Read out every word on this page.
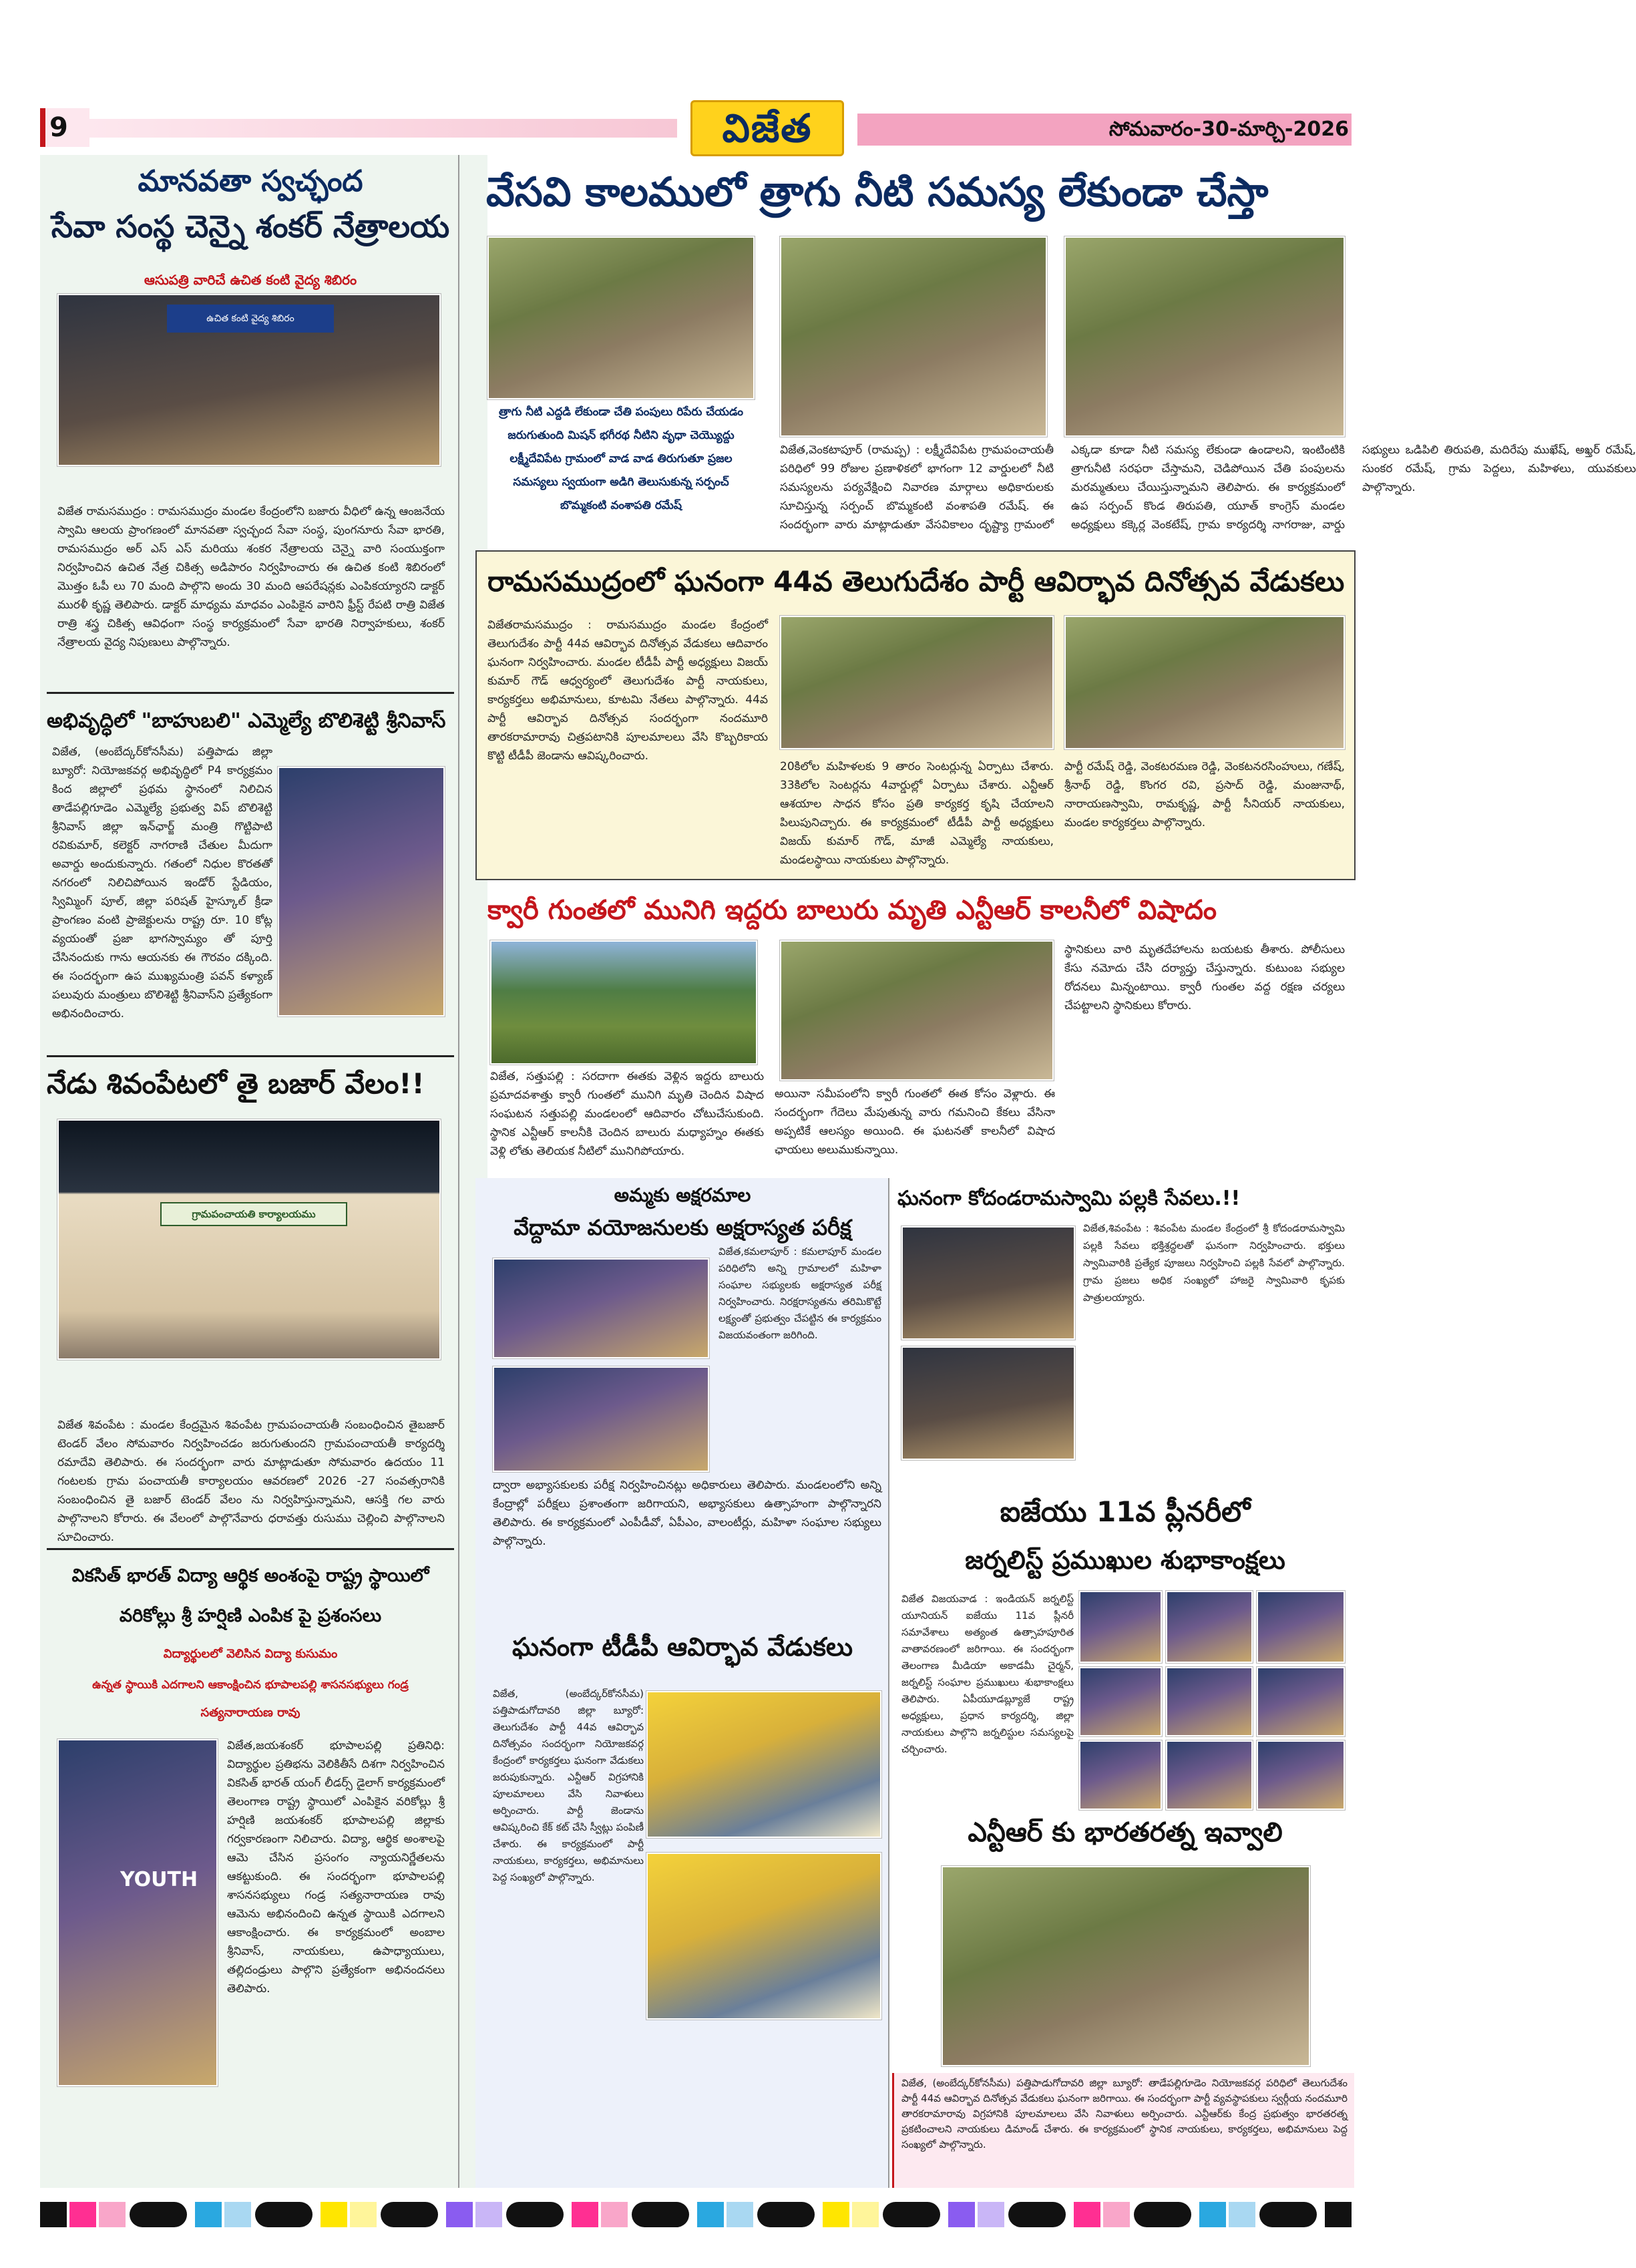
9	విజేత	సోమవారం-30-మార్చి-2026
మానవతా స్వచ్ఛంద
సేవా సంస్థ చెన్నై శంకర్ నేత్రాలయ
ఆసుపత్రి వారిచే ఉచిత కంటి వైద్య శిబిరం
ఉచిత కంటి వైద్య శిబిరం
విజేత రామసముద్రం : రామసముద్రం మండల కేంద్రంలోని బజారు వీధిలో ఉన్న ఆంజనేయ స్వామి ఆలయ ప్రాంగణంలో మానవతా స్వచ్ఛంద సేవా సంస్థ, పుంగనూరు సేవా భారతి, రామసముద్రం అర్ ఎస్ ఎస్ మరియు శంకర నేత్రాలయ చెన్నై వారి సంయుక్తంగా నిర్వహించిన ఉచిత నేత్ర చికిత్స అడిపారం నిర్వహించారు ఈ ఉచిత కంటి శిబిరంలో మొత్తం ఓపీ లు 70 మంది పాల్గొని అందు 30 మంది ఆపరేషన్లకు ఎంపికయ్యారని డాక్టర్ మురళీ కృష్ణ తెలిపారు. డాక్టర్ మాధ్యమ మాధవం ఎంపికైన వారిని ఫ్రీస్ట్ రేపటి రాత్రి విజేత రాత్రి శస్త్ర చికిత్స ఆవిధంగా సంస్థ కార్యక్రమంలో సేవా భారతి నిర్వాహకులు, శంకర్ నేత్రాలయ వైద్య నిపుణులు పాల్గొన్నారు.
అభివృద్ధిలో "బాహుబలి" ఎమ్మెల్యే బొలిశెట్టి శ్రీనివాస్
విజేత, (అంబేద్కర్‌కోనసీమ) పత్తిపాడు జిల్లా బ్యూరో: నియోజకవర్గ అభివృద్ధిలో P4 కార్యక్రమం కింద జిల్లాలో ప్రథమ స్థానంలో నిలిచిన తాడేపల్లిగూడెం ఎమ్మెల్యే ప్రభుత్వ విప్ బొలిశెట్టి శ్రీనివాస్ జిల్లా ఇన్‌ఛార్జ్ మంత్రి గొట్టిపాటి రవికుమార్, కలెక్టర్ నాగరాణి చేతుల మీదుగా అవార్డు అందుకున్నారు. గతంలో నిధుల కొరతతో నగరంలో నిలిచిపోయిన ఇండోర్ స్టేడియం, స్విమ్మింగ్ పూల్, జిల్లా పరిషత్ హైస్కూల్ క్రీడా ప్రాంగణం వంటి ప్రాజెక్టులను రాష్ట్ర రూ. 10 కోట్ల వ్యయంతో ప్రజా భాగస్వామ్యం తో పూర్తి చేసినందుకు గాను ఆయనకు ఈ గౌరవం దక్కింది. ఈ సందర్భంగా ఉప ముఖ్యమంత్రి పవన్ కళ్యాణ్ పలువురు మంత్రులు బొలిశెట్టి శ్రీనివాస్‌ని ప్రత్యేకంగా అభినందించారు.
నేడు శివంపేటలో తై బజార్ వేలం!!
గ్రామపంచాయతి కార్యాలయము
విజేత శివంపేట : మండల కేంద్రమైన శివంపేట గ్రామపంచాయతీ సంబంధించిన తైబజార్ టెండర్ వేలం సోమవారం నిర్వహించడం జరుగుతుందని గ్రామపంచాయతీ కార్యదర్శి రమాదేవి తెలిపారు. ఈ సందర్భంగా వారు మాట్లాడుతూ సోమవారం ఉదయం 11 గంటలకు గ్రామ పంచాయతీ కార్యాలయం ఆవరణలో 2026 -27 సంవత్సరానికి సంబంధించిన తై బజార్ టెండర్ వేలం ను నిర్వహిస్తున్నామని, ఆసక్తి గల వారు పాల్గొనాలని కోరారు. ఈ వేలంలో పాల్గొనేవారు ధరావత్తు రుసుము చెల్లించి పాల్గొనాలని సూచించారు.
వికసిత్ భారత్ విద్యా ఆర్థిక అంశంపై రాష్ట్ర స్థాయిలో
వరికోల్లు శ్రీ హర్షిణి ఎంపిక పై ప్రశంసలు
విద్యార్థులలో వెలిసిన విద్యా కుసుమం
ఉన్నత స్థాయికి ఎదగాలని ఆకాంక్షించిన భూపాలపల్లి శాసనసభ్యులు గండ్ర
సత్యనారాయణ రావు
YOUTH
విజేత,జయశంకర్ భూపాలపల్లి ప్రతినిధి: విద్యార్థుల ప్రతిభను వెలికితీసే దిశగా నిర్వహించిన వికసిత్ భారత్ యంగ్ లీడర్స్ డైలాగ్ కార్యక్రమంలో తెలంగాణ రాష్ట్ర స్థాయిలో ఎంపికైన వరికోల్లు శ్రీ హర్షిణి జయశంకర్ భూపాలపల్లి జిల్లాకు గర్వకారణంగా నిలిచారు. విద్యా, ఆర్థిక అంశాలపై ఆమె చేసిన ప్రసంగం న్యాయనిర్ణేతలను ఆకట్టుకుంది. ఈ సందర్భంగా భూపాలపల్లి శాసనసభ్యులు గండ్ర సత్యనారాయణ రావు ఆమెను అభినందించి ఉన్నత స్థాయికి ఎదగాలని ఆకాంక్షించారు. ఈ కార్యక్రమంలో అంబాల శ్రీనివాస్, నాయకులు, ఉపాధ్యాయులు, తల్లిదండ్రులు పాల్గొని ప్రత్యేకంగా అభినందనలు తెలిపారు.
వేసవి కాలములో త్రాగు నీటి సమస్య లేకుండా చేస్తా
త్రాగు నీటి ఎద్దడి లేకుండా చేతి పంపులు రిపేరు చేయడం జరుగుతుంది మిషన్ భగీరథ నీటిని వృధా చెయ్యొద్దు లక్ష్మీదేవిపేట గ్రామంలో వాడ వాడ తిరుగుతూ ప్రజల సమస్యలు స్వయంగా అడిగి తెలుసుకున్న సర్పంచ్ బొమ్మకంటి వంశాపతి రమేష్
విజేత,వెంకటాపూర్ (రామప్ప) : లక్ష్మీదేవిపేట గ్రామపంచాయతీ పరిధిలో 99 రోజుల ప్రణాళికలో భాగంగా 12 వార్డులలో నీటి సమస్యలను పర్యవేక్షించి నివారణ మార్గాలు అధికారులకు సూచిస్తున్న సర్పంచ్ బొమ్మకంటి వంశాపతి రమేష్. ఈ సందర్భంగా వారు మాట్లాడుతూ వేసవికాలం దృష్ట్యా గ్రామంలో ఎక్కడా కూడా నీటి సమస్య లేకుండా ఉండాలని, ఇంటింటికి త్రాగునీటి సరఫరా చేస్తామని, చెడిపోయిన చేతి పంపులను మరమ్మతులు చేయిస్తున్నామని తెలిపారు. ఈ కార్యక్రమంలో ఉప సర్పంచ్ కొండ తిరుపతి, యూత్ కాంగ్రెస్ మండల అధ్యక్షులు కక్కెర్ల వెంకటేష్, గ్రామ కార్యదర్శి నాగరాజు, వార్డు సభ్యులు ఒడిపిలి తిరుపతి, మదిరేపు ముఖేష్, అఖ్తర్ రమేష్, సుంకర రమేష్, గ్రామ పెద్దలు, మహిళలు, యువకులు పాల్గొన్నారు.
రామసముద్రంలో ఘనంగా 44వ తెలుగుదేశం పార్టీ ఆవిర్భావ దినోత్సవ వేడుకలు
విజేతరామసముద్రం : రామసముద్రం మండల కేంద్రంలో తెలుగుదేశం పార్టీ 44వ ఆవిర్భావ దినోత్సవ వేడుకలు ఆదివారం ఘనంగా నిర్వహించారు. మండల టీడీపీ పార్టీ అధ్యక్షులు విజయ్ కుమార్ గౌడ్ ఆధ్వర్యంలో తెలుగుదేశం పార్టీ నాయకులు, కార్యకర్తలు అభిమానులు, కూటమి నేతలు పాల్గొన్నారు. 44వ పార్టీ ఆవిర్భావ దినోత్సవ సందర్భంగా నందమూరి తారకరామారావు చిత్రపటానికి పూలమాలలు వేసి కొబ్బరికాయ కొట్టి టీడీపీ జెండాను ఆవిష్కరించారు.
20కిలోల మహిళలకు 9 తారం సెంటర్లున్న ఏర్పాటు చేశారు. 33కిలోల సెంటర్లను 4వార్డుల్లో ఏర్పాటు చేశారు. ఎన్టీఆర్ ఆశయాల సాధన కోసం ప్రతి కార్యకర్త కృషి చేయాలని పిలుపునిచ్చారు. ఈ కార్యక్రమంలో టీడీపీ పార్టీ అధ్యక్షులు విజయ్ కుమార్ గౌడ్, మాజీ ఎమ్మెల్యే నాయకులు, మండలస్థాయి నాయకులు పాల్గొన్నారు.
పార్టీ రమేష్ రెడ్డి, వెంకటరమణ రెడ్డి, వెంకటనరసింహులు, గణేష్, శ్రీనాథ్ రెడ్డి, కొంగర రవి, ప్రసాద్ రెడ్డి, మంజునాథ్, నారాయణస్వామి, రామకృష్ణ, పార్టీ సీనియర్ నాయకులు, మండల కార్యకర్తలు పాల్గొన్నారు.
క్వారీ గుంతలో మునిగి ఇద్దరు బాలురు మృతి ఎన్టీఆర్ కాలనీలో విషాదం
విజేత, సత్తుపల్లి : సరదాగా ఈతకు వెళ్లిన ఇద్దరు బాలురు ప్రమాదవశాత్తు క్వారీ గుంతలో మునిగి మృతి చెందిన విషాద సంఘటన సత్తుపల్లి మండలంలో ఆదివారం చోటుచేసుకుంది. స్థానిక ఎన్టీఆర్ కాలనీకి చెందిన బాలురు మధ్యాహ్నం ఈతకు వెళ్లి లోతు తెలియక నీటిలో మునిగిపోయారు.
అయినా సమీపంలోని క్వారీ గుంతలో ఈత కోసం వెళ్లారు. ఈ సందర్భంగా గేదెలు మేపుతున్న వారు గమనించి కేకలు వేసినా అప్పటికే ఆలస్యం అయింది. ఈ ఘటనతో కాలనీలో విషాద ఛాయలు అలుముకున్నాయి.
స్థానికులు వారి మృతదేహాలను బయటకు తీశారు. పోలీసులు కేసు నమోదు చేసి దర్యాప్తు చేస్తున్నారు. కుటుంబ సభ్యుల రోదనలు మిన్నంటాయి. క్వారీ గుంతల వద్ద రక్షణ చర్యలు చేపట్టాలని స్థానికులు కోరారు.
అమ్మకు అక్షరమాల
వేద్దామా వయోజనులకు అక్షరాస్యత పరీక్ష
విజేత,కమలాపూర్ : కమలాపూర్ మండల పరిధిలోని అన్ని గ్రామాలలో మహిళా సంఘాల సభ్యులకు అక్షరాస్యత పరీక్ష నిర్వహించారు. నిరక్షరాస్యతను తరిమికొట్టే లక్ష్యంతో ప్రభుత్వం చేపట్టిన ఈ కార్యక్రమం విజయవంతంగా జరిగింది.
ద్వారా అభ్యాసకులకు పరీక్ష నిర్వహించినట్లు అధికారులు తెలిపారు. మండలంలోని అన్ని కేంద్రాల్లో పరీక్షలు ప్రశాంతంగా జరిగాయని, అభ్యాసకులు ఉత్సాహంగా పాల్గొన్నారని తెలిపారు. ఈ కార్యక్రమంలో ఎంపీడీవో, ఏపీఎం, వాలంటీర్లు, మహిళా సంఘాల సభ్యులు పాల్గొన్నారు.
ఘనంగా టీడీపీ ఆవిర్భావ వేడుకలు
విజేత, (అంబేద్కర్‌కోనసీమ) పత్తిపాడుగోదావరి జిల్లా బ్యూరో: తెలుగుదేశం పార్టీ 44వ ఆవిర్భావ దినోత్సవం సందర్భంగా నియోజకవర్గ కేంద్రంలో కార్యకర్తలు ఘనంగా వేడుకలు జరుపుకున్నారు. ఎన్టీఆర్ విగ్రహానికి పూలమాలలు వేసి నివాళులు అర్పించారు. పార్టీ జెండాను ఆవిష్కరించి కేక్ కట్ చేసి స్వీట్లు పంపిణీ చేశారు. ఈ కార్యక్రమంలో పార్టీ నాయకులు, కార్యకర్తలు, అభిమానులు పెద్ద సంఖ్యలో పాల్గొన్నారు.
ఘనంగా కోదండరామస్వామి పల్లకి సేవలు.!!
విజేత,శివంపేట : శివంపేట మండల కేంద్రంలో శ్రీ కోదండరామస్వామి పల్లకి సేవలు భక్తిశ్రద్ధలతో ఘనంగా నిర్వహించారు. భక్తులు స్వామివారికి ప్రత్యేక పూజలు నిర్వహించి పల్లకి సేవలో పాల్గొన్నారు. గ్రామ ప్రజలు అధిక సంఖ్యలో హాజరై స్వామివారి కృపకు పాత్రులయ్యారు.
ఐజేయు 11వ ప్లీనరీలో
జర్నలిస్ట్ ప్రముఖుల శుభాకాంక్షలు
విజేత విజయవాడ : ఇండియన్ జర్నలిస్ట్ యూనియన్ ఐజేయు 11వ ప్లీనరీ సమావేశాలు అత్యంత ఉత్సాహపూరిత వాతావరణంలో జరిగాయి. ఈ సందర్భంగా తెలంగాణ మీడియా అకాడమీ చైర్మన్, జర్నలిస్ట్ సంఘాల ప్రముఖులు శుభాకాంక్షలు తెలిపారు. ఏపీయూడబ్ల్యూజే రాష్ట్ర అధ్యక్షులు, ప్రధాన కార్యదర్శి, జిల్లా నాయకులు పాల్గొని జర్నలిస్టుల సమస్యలపై చర్చించారు.
ఎన్టీఆర్ కు భారతరత్న ఇవ్వాలి
విజేత, (అంబేద్కర్‌కోనసీమ) పత్తిపాడుగోదావరి జిల్లా బ్యూరో: తాడేపల్లిగూడెం నియోజకవర్గ పరిధిలో తెలుగుదేశం పార్టీ 44వ ఆవిర్భావ దినోత్సవ వేడుకలు ఘనంగా జరిగాయి. ఈ సందర్భంగా పార్టీ వ్యవస్థాపకులు స్వర్గీయ నందమూరి తారకరామారావు విగ్రహానికి పూలమాలలు వేసి నివాళులు అర్పించారు. ఎన్టీఆర్‌కు కేంద్ర ప్రభుత్వం భారతరత్న ప్రకటించాలని నాయకులు డిమాండ్ చేశారు. ఈ కార్యక్రమంలో స్థానిక నాయకులు, కార్యకర్తలు, అభిమానులు పెద్ద సంఖ్యలో పాల్గొన్నారు.
